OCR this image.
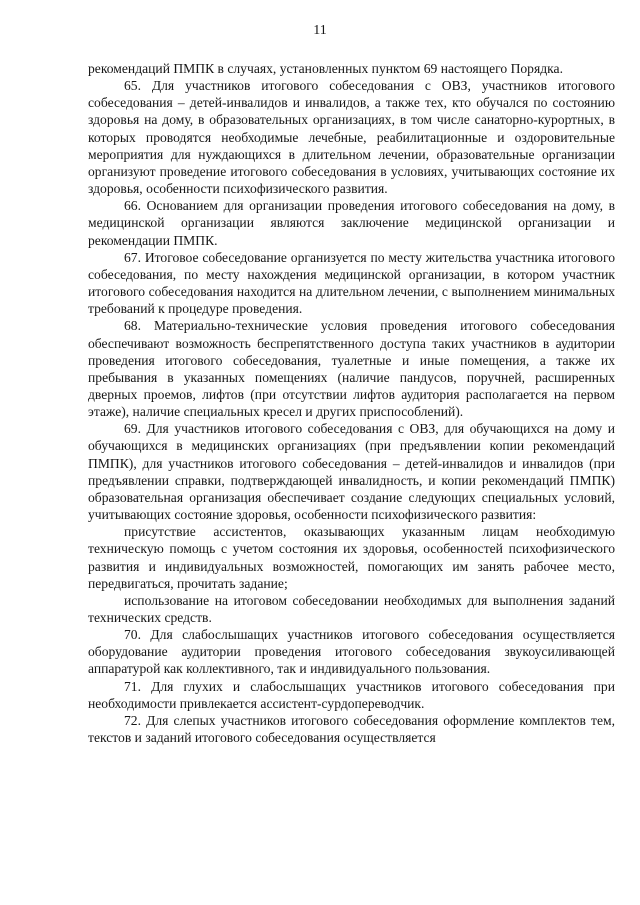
11

рекомендаций ПМПК в случаях, установленных пунктом 69 настоящего Порядка.

65. Для участников итогового собеседования с ОВЗ, участников итогового собеседования – детей-инвалидов и инвалидов, а также тех, кто обучался по состоянию здоровья на дому, в образовательных организациях, в том числе санаторно-курортных, в которых проводятся необходимые лечебные, реабилитационные и оздоровительные мероприятия для нуждающихся в длительном лечении, образовательные организации организуют проведение итогового собеседования в условиях, учитывающих состояние их здоровья, особенности психофизического развития.

66. Основанием для организации проведения итогового собеседования на дому, в медицинской организации являются заключение медицинской организации и рекомендации ПМПК.

67. Итоговое собеседование организуется по месту жительства участника итогового собеседования, по месту нахождения медицинской организации, в котором участник итогового собеседования находится на длительном лечении, с выполнением минимальных требований к процедуре проведения.

68. Материально-технические условия проведения итогового собеседования обеспечивают возможность беспрепятственного доступа таких участников в аудитории проведения итогового собеседования, туалетные и иные помещения, а также их пребывания в указанных помещениях (наличие пандусов, поручней, расширенных дверных проемов, лифтов (при отсутствии лифтов аудитория располагается на первом этаже), наличие специальных кресел и других приспособлений).

69. Для участников итогового собеседования с ОВЗ, для обучающихся на дому и обучающихся в медицинских организациях (при предъявлении копии рекомендаций ПМПК), для участников итогового собеседования – детей-инвалидов и инвалидов (при предъявлении справки, подтверждающей инвалидность, и копии рекомендаций ПМПК) образовательная организация обеспечивает создание следующих специальных условий, учитывающих состояние здоровья, особенности психофизического развития:

присутствие ассистентов, оказывающих указанным лицам необходимую техническую помощь с учетом состояния их здоровья, особенностей психофизического развития и индивидуальных возможностей, помогающих им занять рабочее место, передвигаться, прочитать задание;

использование на итоговом собеседовании необходимых для выполнения заданий технических средств.

70. Для слабослышащих участников итогового собеседования осуществляется оборудование аудитории проведения итогового собеседования звукоусиливающей аппаратурой как коллективного, так и индивидуального пользования.

71. Для глухих и слабослышащих участников итогового собеседования при необходимости привлекается ассистент-сурдопереводчик.

72. Для слепых участников итогового собеседования оформление комплектов тем, текстов и заданий итогового собеседования осуществляется
